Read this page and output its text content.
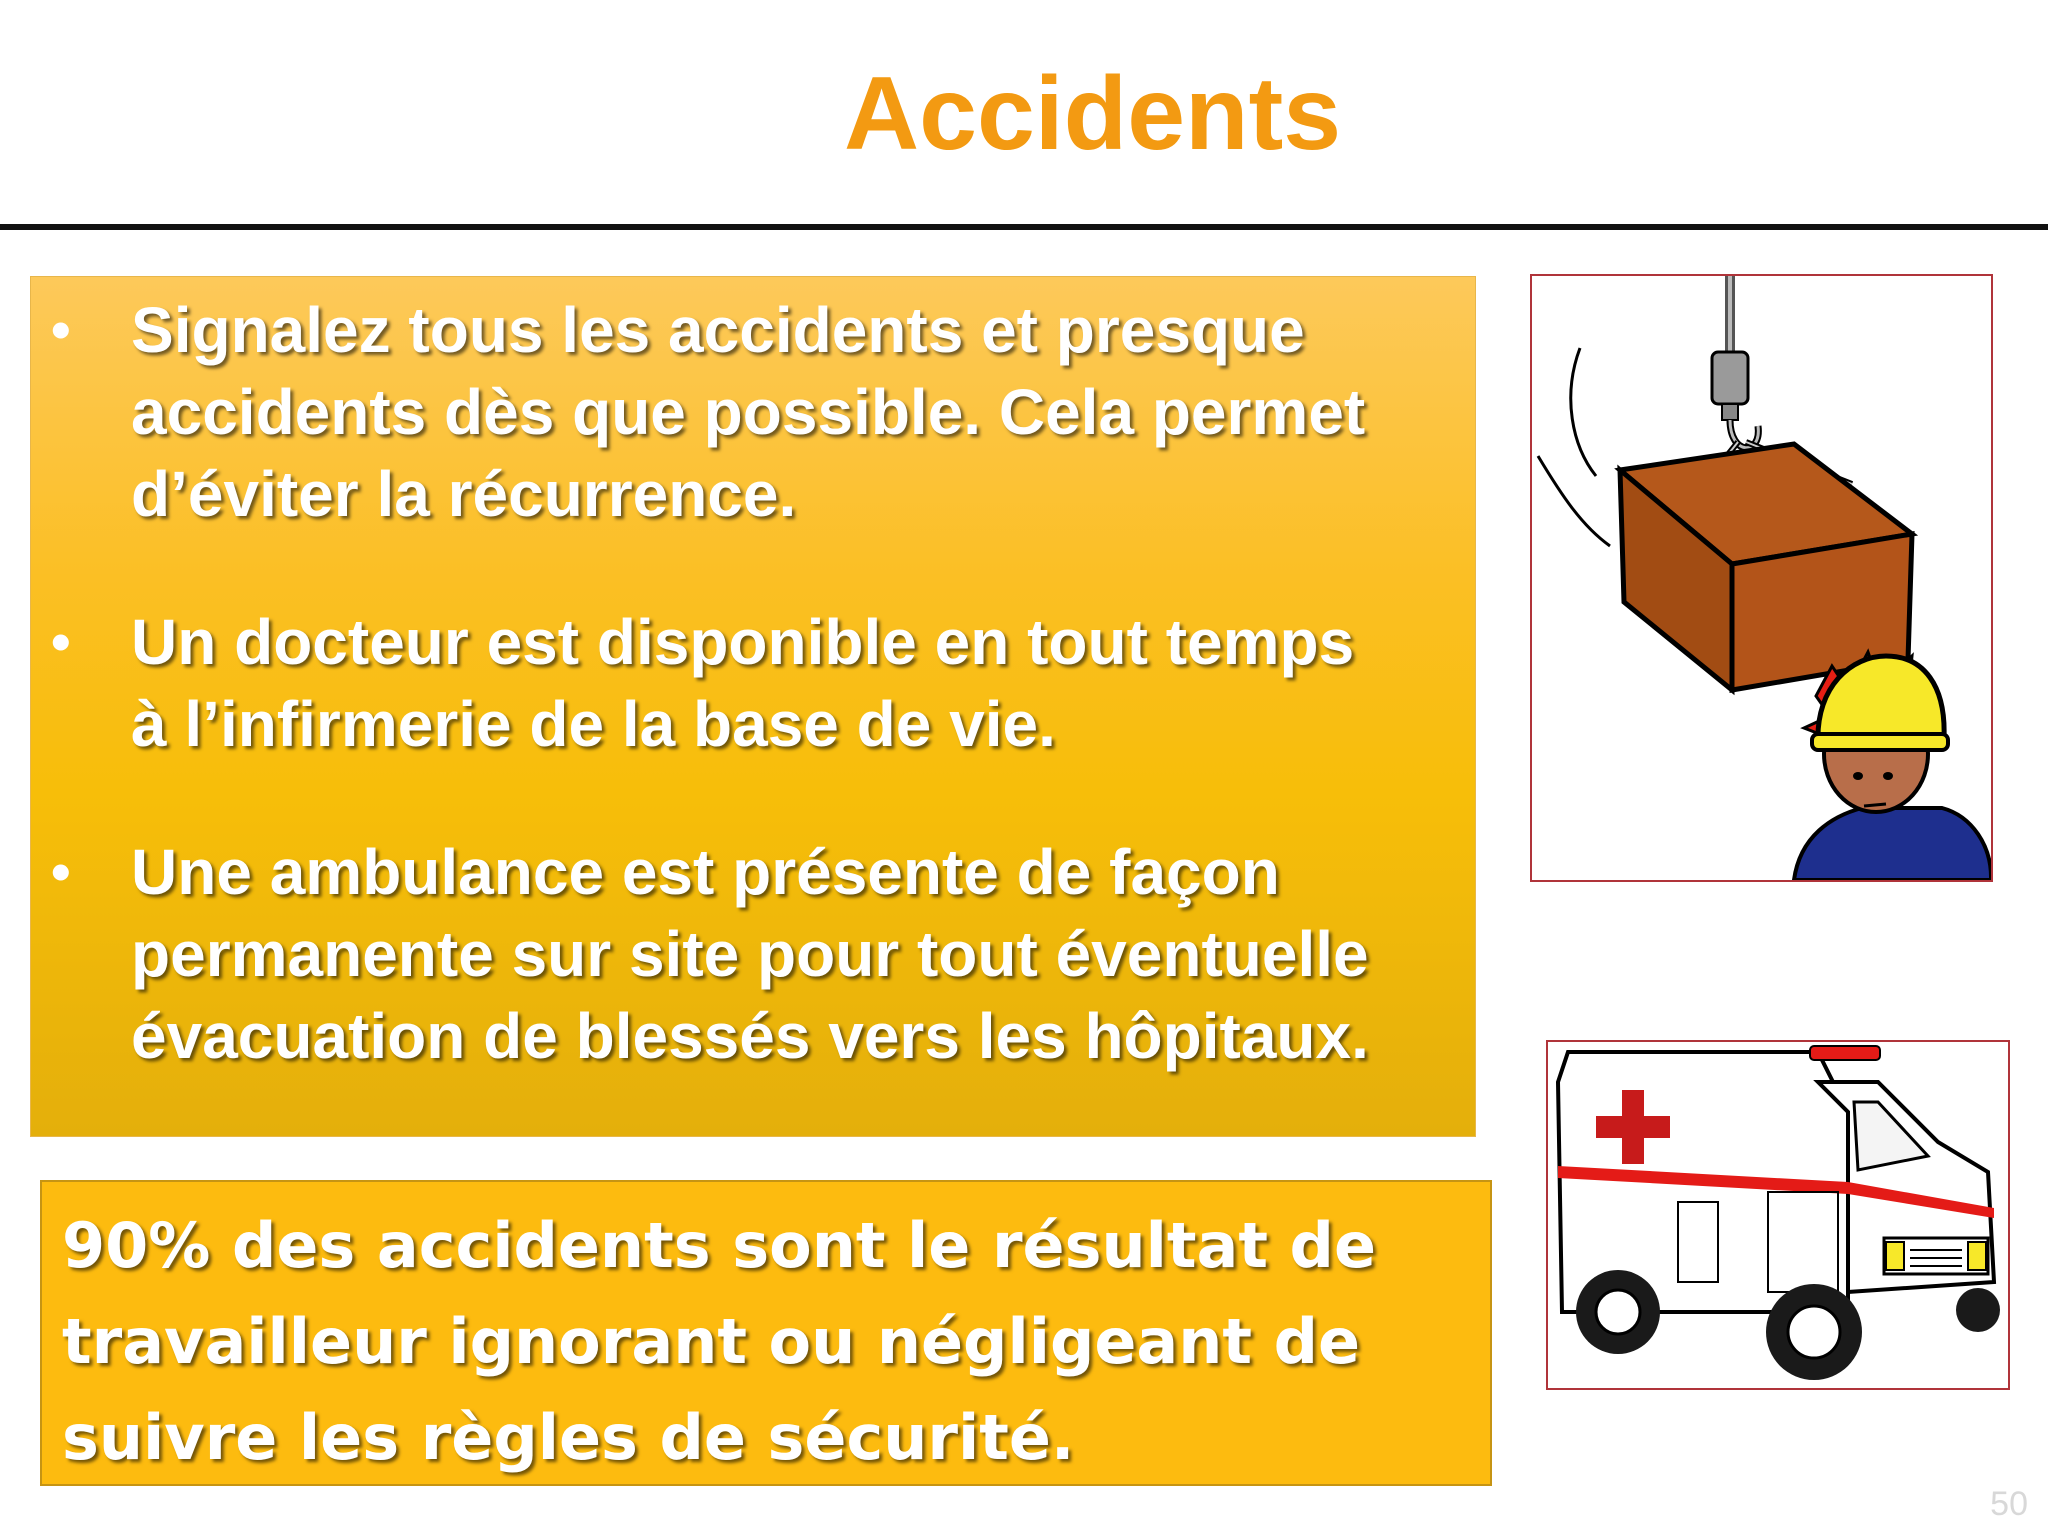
Accidents
• Signalez tous les accidents et presque
accidents dès que possible. Cela permet
d’éviter la récurrence.
• Un docteur est disponible en tout temps
à l’infirmerie de la base de vie.
• Une ambulance est présente de façon
permanente sur site pour tout éventuelle
évacuation de blessés vers les hôpitaux.
90% des accidents sont le résultat de
travailleur ignorant ou négligeant de
suivre les règles de sécurité.
50
